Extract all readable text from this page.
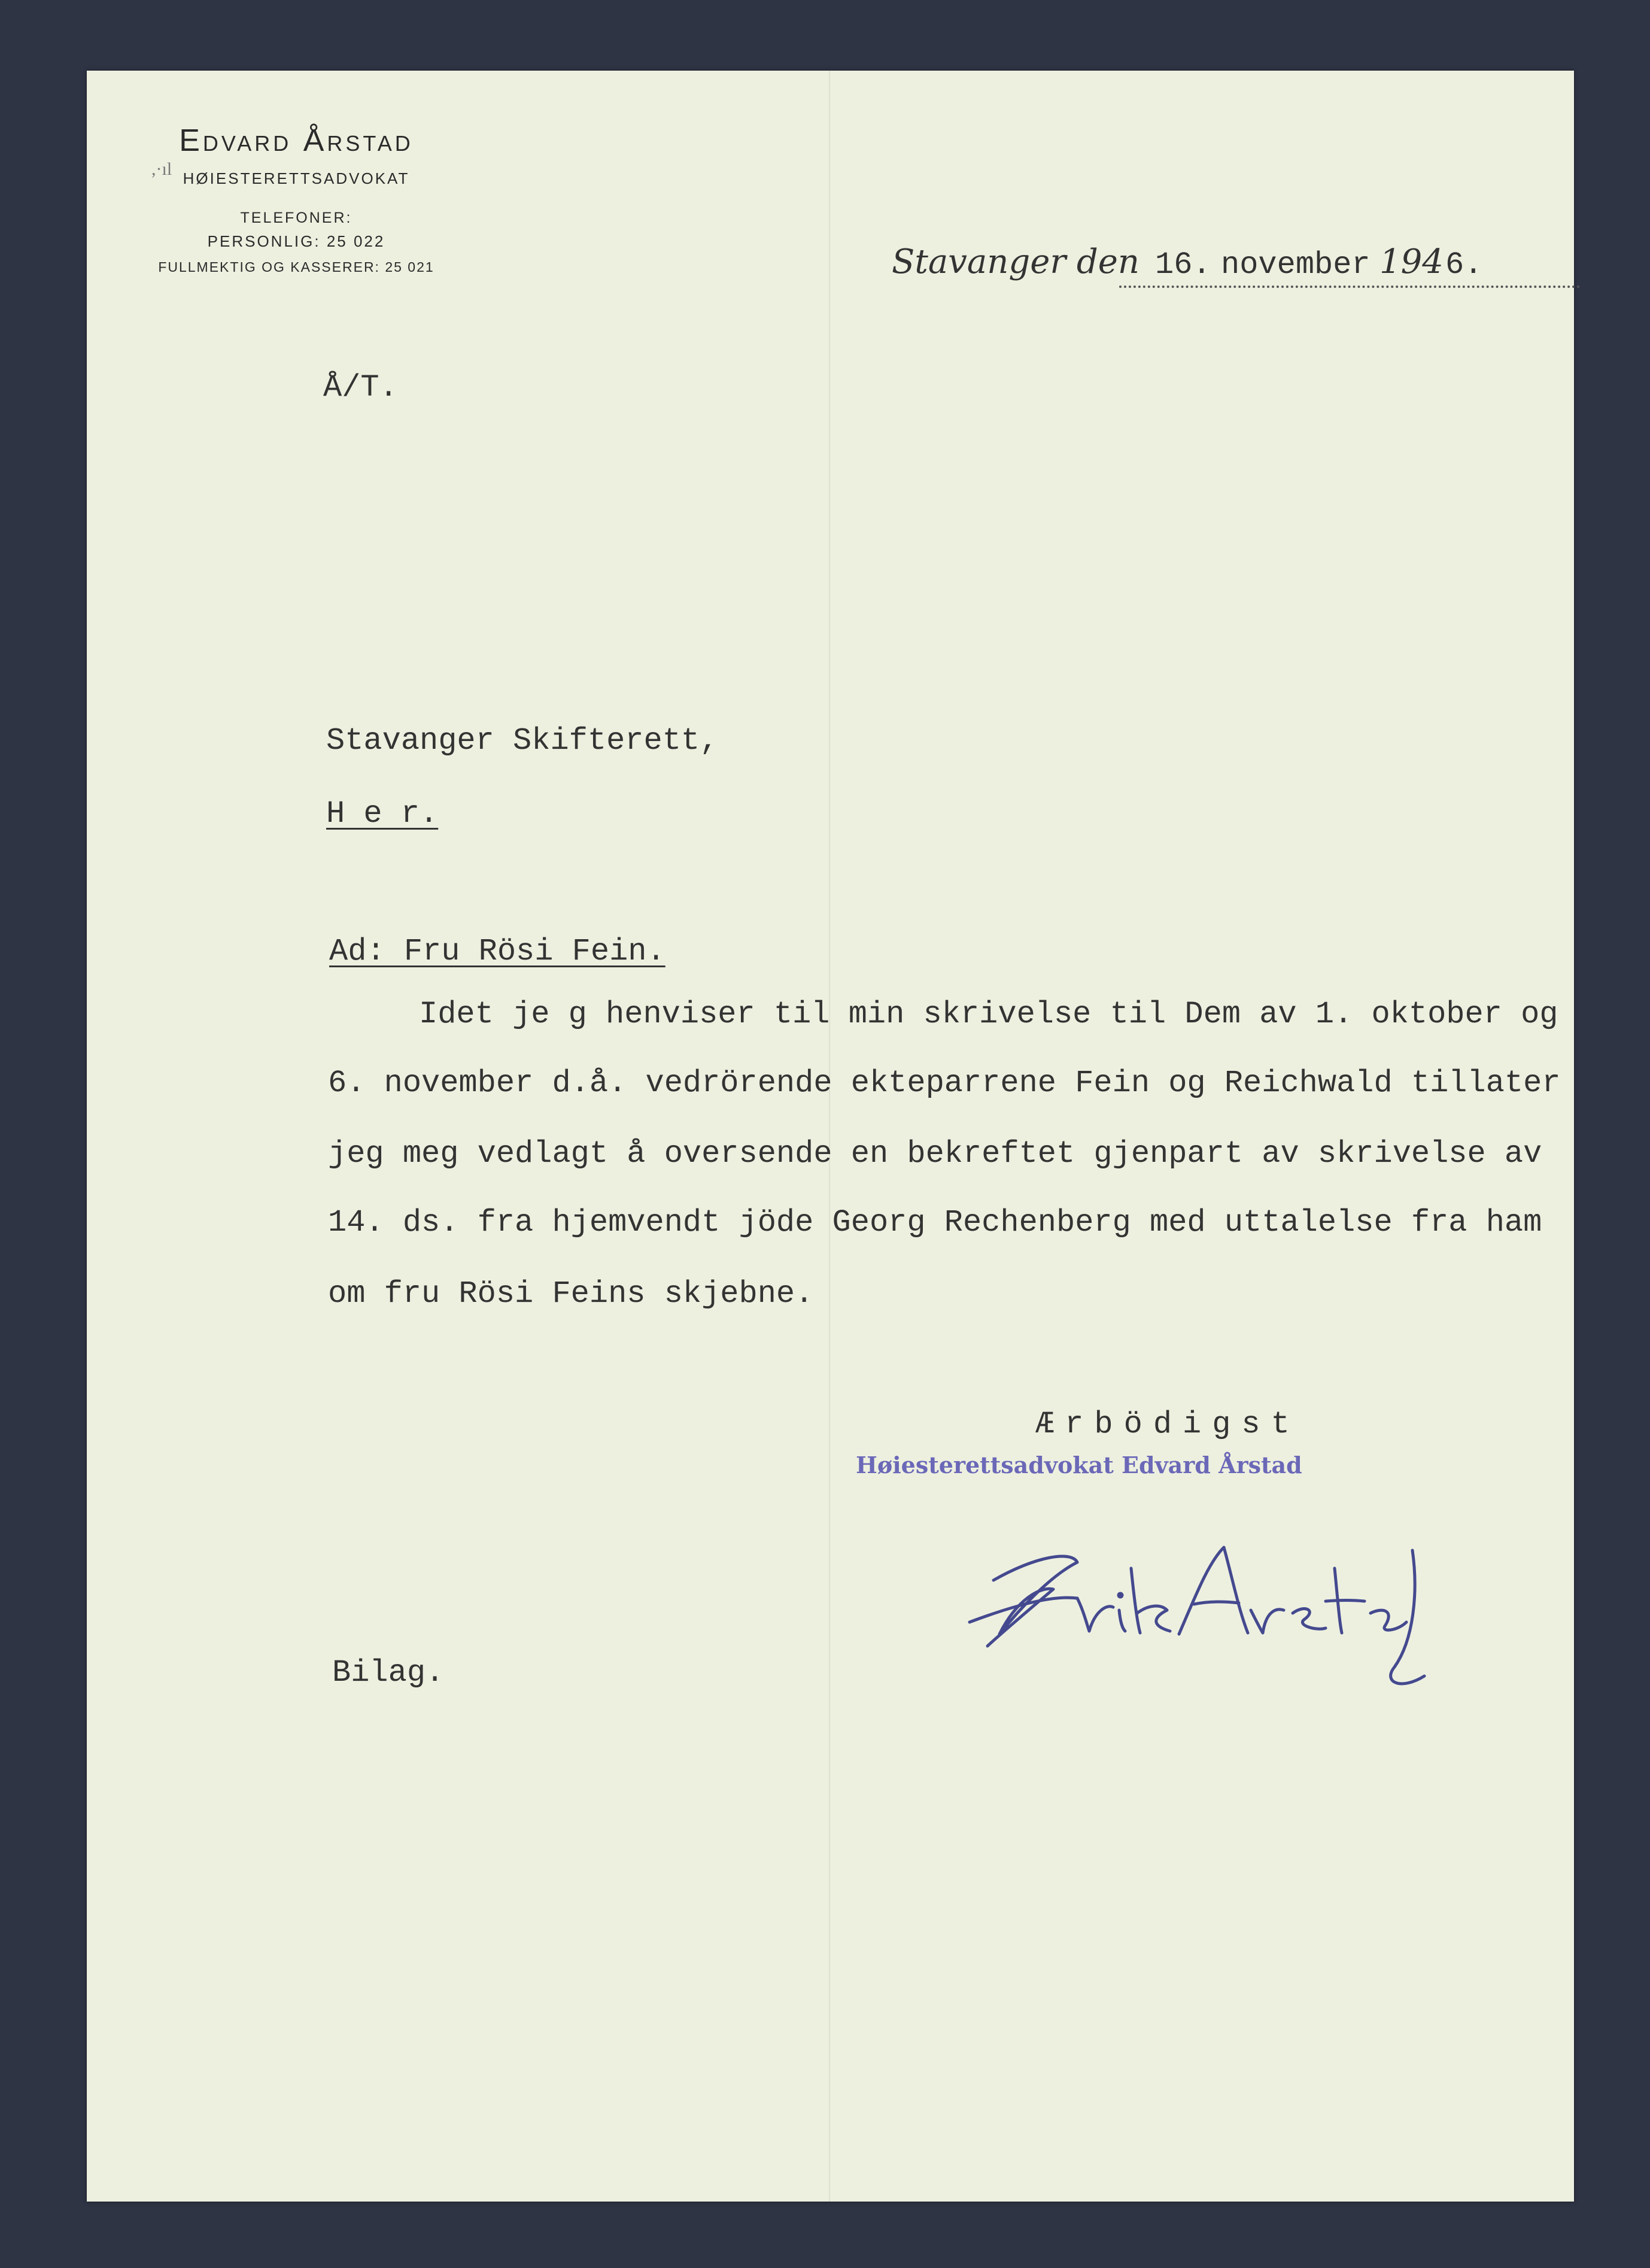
,·ıl
Edvard Årstad
HØIESTERETTSADVOKAT
TELEFONER:
PERSONLIG: 25 022
FULLMEKTIG OG KASSERER: 25 021	Stavanger den 16. november 194 6.
Å/T.
Stavanger Skifterett,
H e r.
Ad: Fru Rösi Fein.
Idet je g henviser til min skrivelse til Dem av 1. oktober og
6. november d.å. vedrörende ekteparrene Fein og Reichwald tillater
jeg meg vedlagt å oversende en bekreftet gjenpart av skrivelse av
14. ds. fra hjemvendt jöde Georg Rechenberg med uttalelse fra ham
om fru Rösi Feins skjebne.
Ærbödigst
Høiesterettsadvokat Edvard Årstad
Bilag.
